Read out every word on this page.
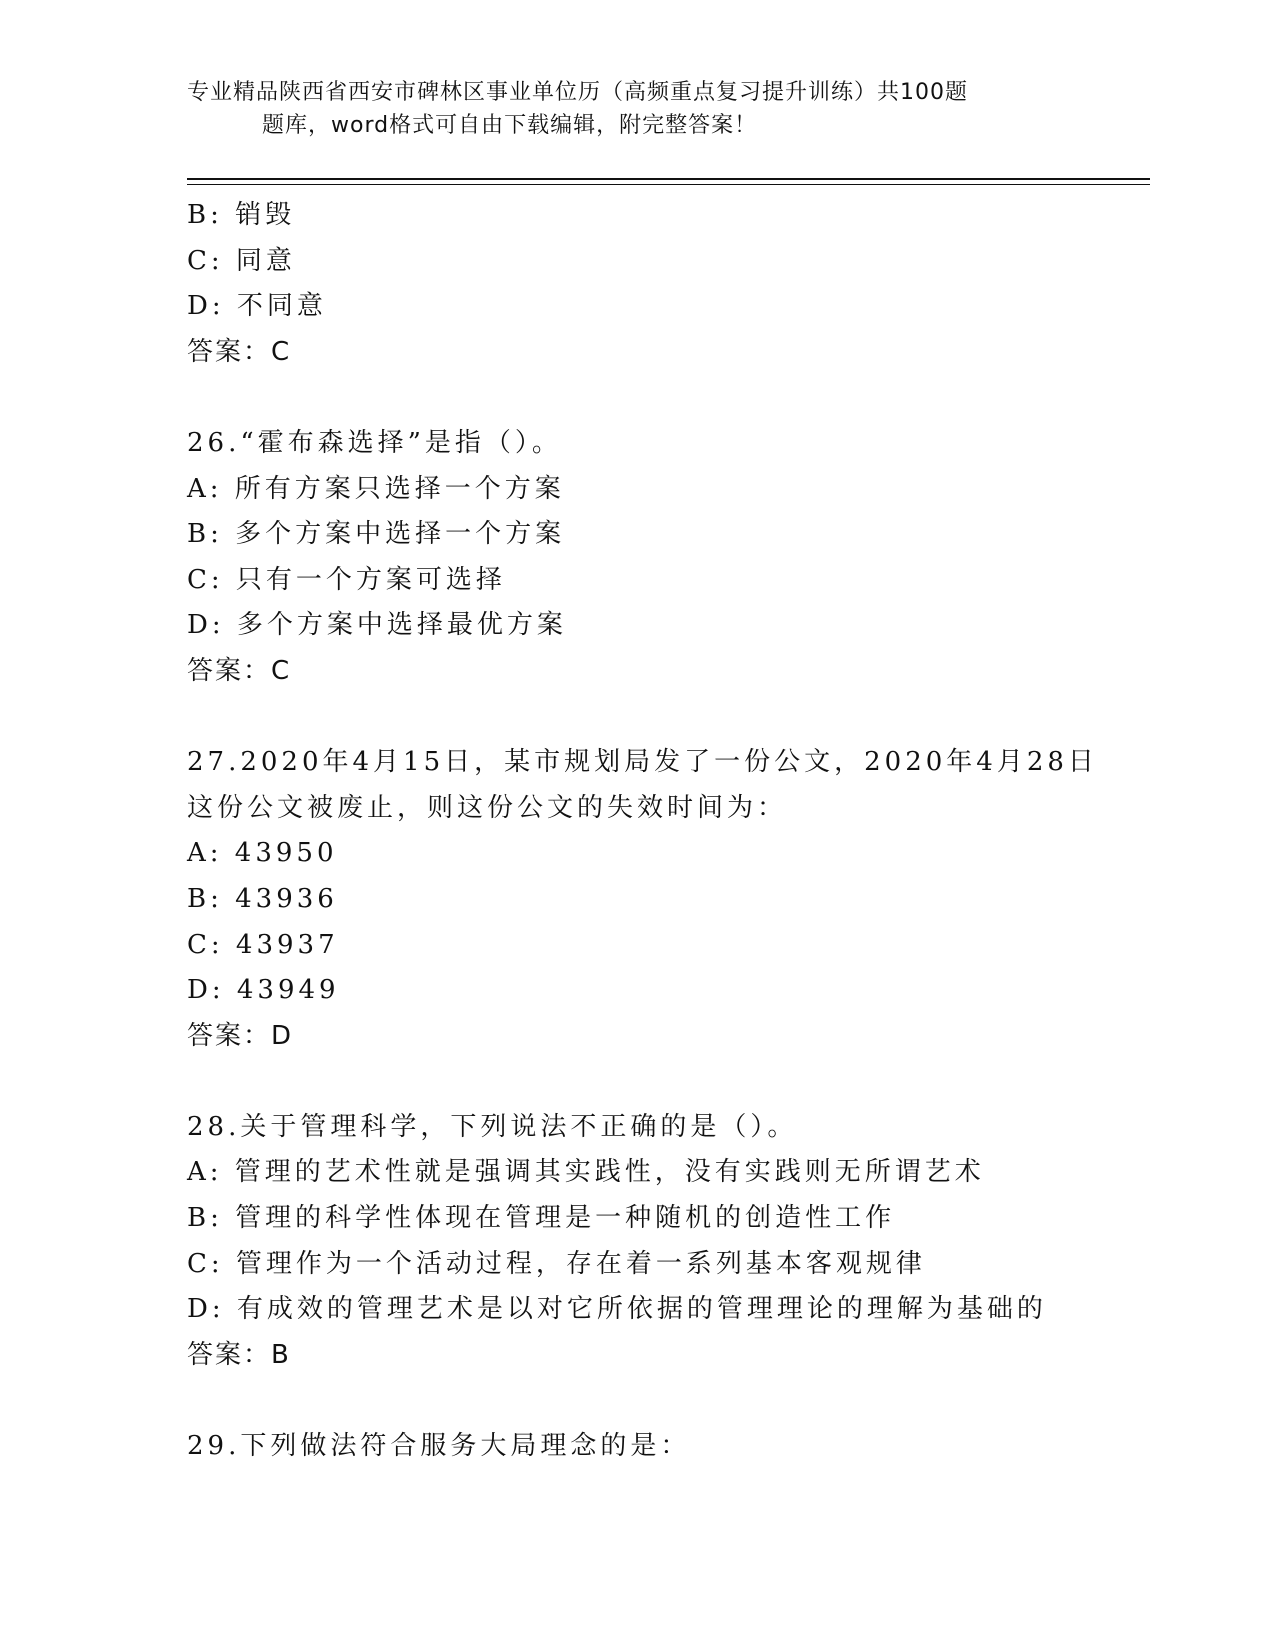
专业精品陕西省西安市碑林区事业单位历（高频重点复习提升训练）共100题
题库，word格式可自由下载编辑，附完整答案！
B: 销毁
C: 同意
D: 不同意
答案：C
26.“霍布森选择”是指（）。
A: 所有方案只选择一个方案
B: 多个方案中选择一个方案
C: 只有一个方案可选择
D: 多个方案中选择最优方案
答案：C
27.2020年4月15日，某市规划局发了一份公文，2020年4月28日
这份公文被废止，则这份公文的失效时间为：
A: 43950
B: 43936
C: 43937
D: 43949
答案：D
28.关于管理科学，下列说法不正确的是（）。
A: 管理的艺术性就是强调其实践性，没有实践则无所谓艺术
B: 管理的科学性体现在管理是一种随机的创造性工作
C: 管理作为一个活动过程，存在着一系列基本客观规律
D: 有成效的管理艺术是以对它所依据的管理理论的理解为基础的
答案：B
29.下列做法符合服务大局理念的是：
